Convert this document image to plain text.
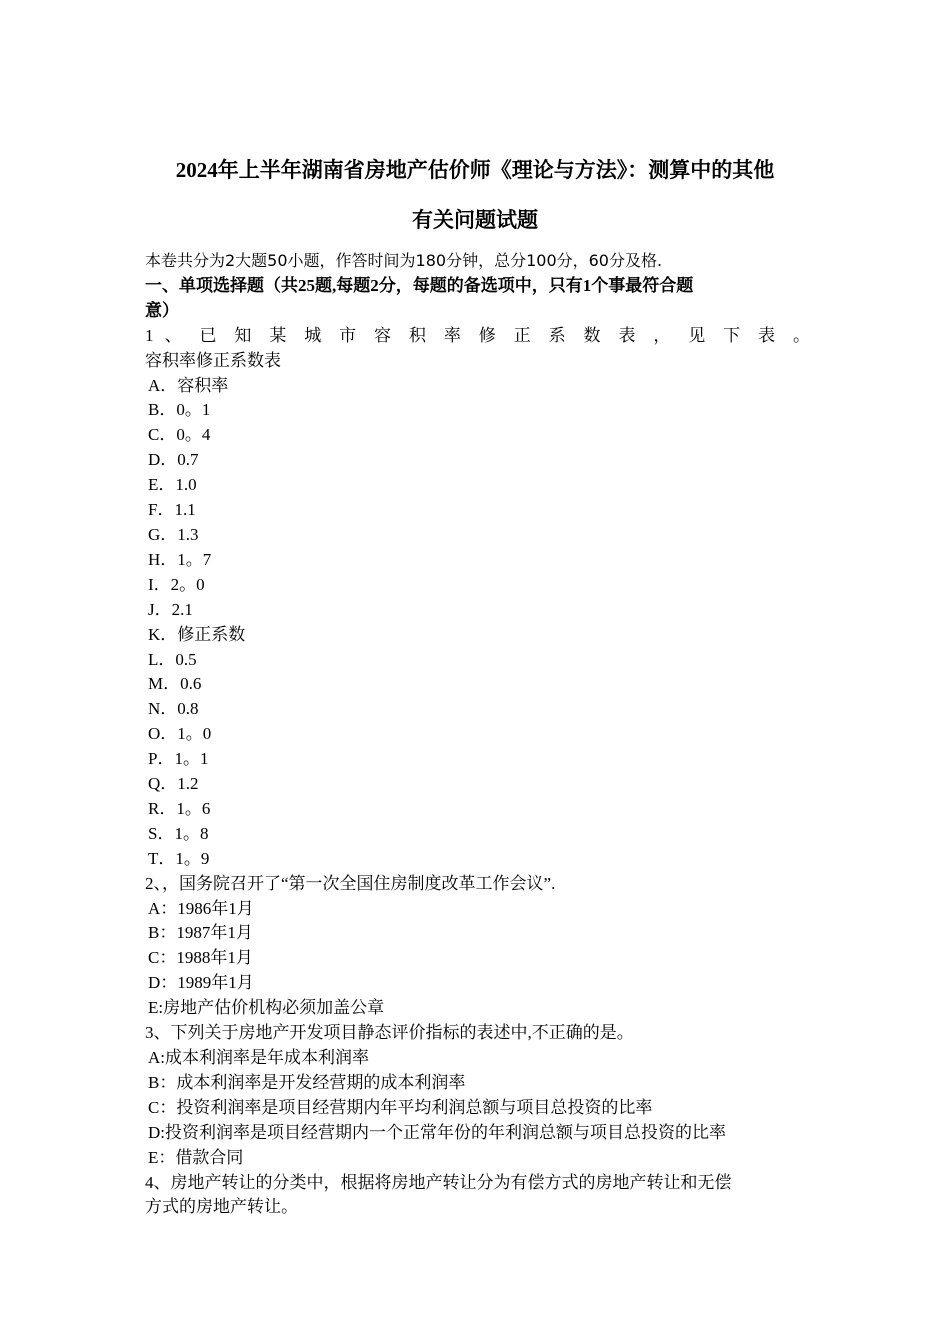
2024年上半年湖南省房地产估价师《理论与方法》：测算中的其他
有关问题试题
本卷共分为2大题50小题，作答时间为180分钟，总分100分，60分及格.
一、单项选择题（共25题,每题2分，每题的备选项中，只有1个事最符合题
意）
1 、 已 知 某 城 市 容 积 率 修 正 系 数 表 ， 见 下 表 。
容积率修正系数表
A．容积率
B．0。1
C．0。4
D．0.7
E．1.0
F．1.1
G．1.3
H．1。7
I．2。0
J．2.1
K．修正系数
L．0.5
M．0.6
N．0.8
O．1。0
P．1。1
Q．1.2
R．1。6
S．1。8
T．1。9
2、，国务院召开了“第一次全国住房制度改革工作会议”.
A：1986年1月
B：1987年1月
C：1988年1月
D：1989年1月
E:房地产估价机构必须加盖公章
3、下列关于房地产开发项目静态评价指标的表述中,不正确的是。
A:成本利润率是年成本利润率
B：成本利润率是开发经营期的成本利润率
C：投资利润率是项目经营期内年平均利润总额与项目总投资的比率
D:投资利润率是项目经营期内一个正常年份的年利润总额与项目总投资的比率
E：借款合同
4、房地产转让的分类中，根据将房地产转让分为有偿方式的房地产转让和无偿
方式的房地产转让。
